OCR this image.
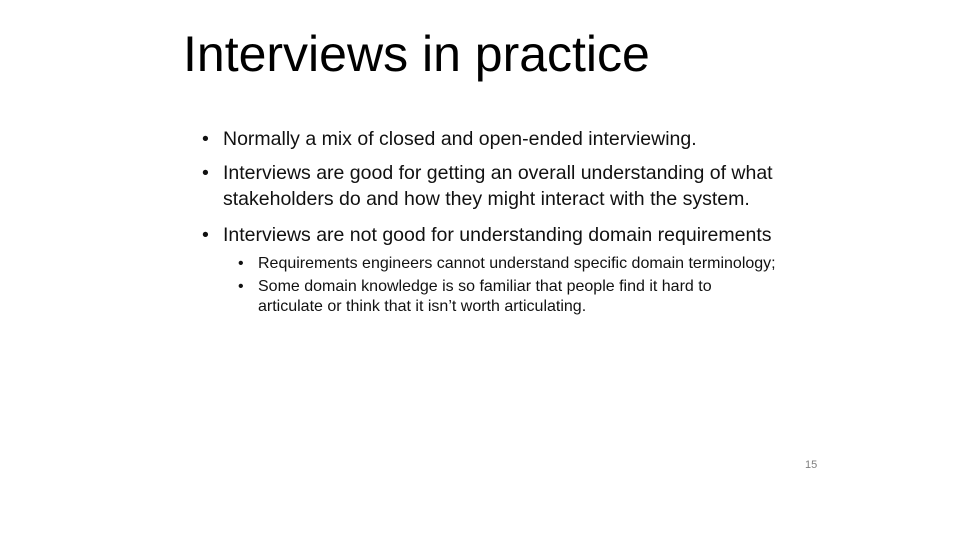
Interviews in practice
• Normally a mix of closed and open-ended interviewing.
• Interviews are good for getting an overall understanding of what stakeholders do and how they might interact with the system.
• Interviews are not good for understanding domain requirements
• Requirements engineers cannot understand specific domain terminology;
• Some domain knowledge is so familiar that people find it hard to articulate or think that it isn’t worth articulating.
15
